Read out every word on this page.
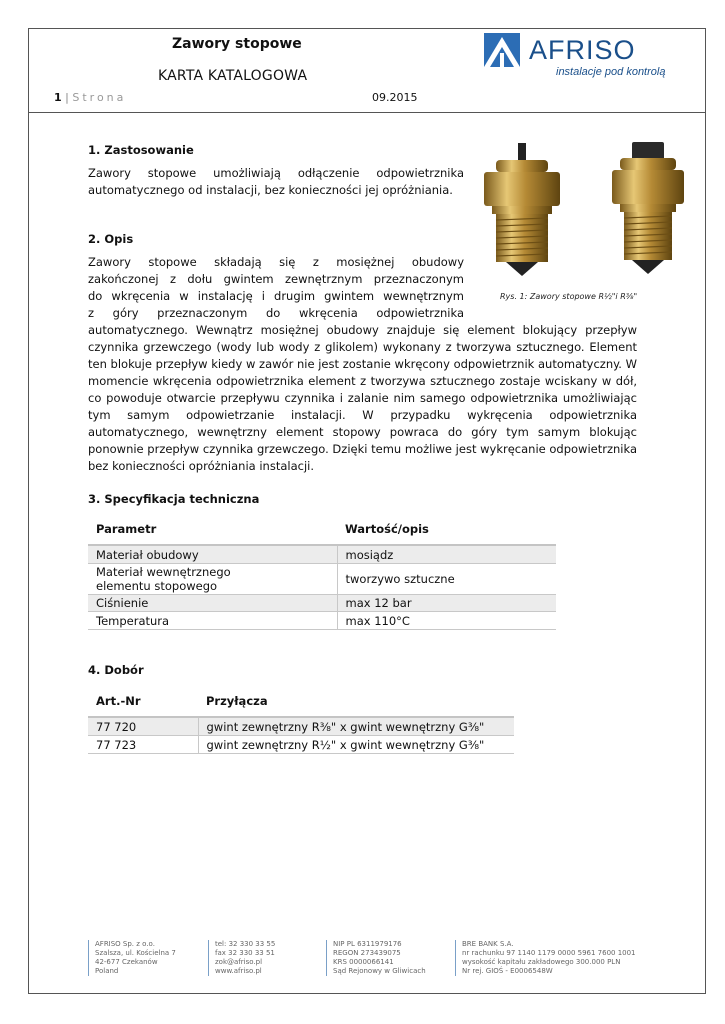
Zawory stopowe
KARTA KATALOGOWA
1 | Strona	09.2015
AFRISO
instalacje pod kontrolą
1. Zastosowanie
Zawory stopowe umożliwiają odłączenie odpowietrznika automatycznego od instalacji, bez konieczności jej opróżniania.
Rys. 1: Zawory stopowe R½"i R⅜"
2. Opis
Zawory stopowe składają się z mosiężnej obudowy
zakończonej z dołu gwintem zewnętrznym przeznaczonym
do wkręcenia w instalację i drugim gwintem wewnętrznym
z góry przeznaczonym do wkręcenia odpowietrznika
automatycznego. Wewnątrz mosiężnej obudowy znajduje się element blokujący przepływ czynnika grzewczego (wody lub wody z glikolem) wykonany z tworzywa sztucznego. Element ten blokuje przepływ kiedy w zawór nie jest zostanie wkręcony odpowietrznik automatyczny. W momencie wkręcenia odpowietrznika element z tworzywa sztucznego zostaje wciskany w dół, co powoduje otwarcie przepływu czynnika i zalanie nim samego odpowietrznika umożliwiając tym samym odpowietrzanie instalacji. W przypadku wykręcenia odpowietrznika automatycznego, wewnętrzny element stopowy powraca do góry tym samym blokując ponownie przepływ czynnika grzewczego. Dzięki temu możliwe jest wykręcanie odpowietrznika bez konieczności opróżniania instalacji.
3. Specyfikacja techniczna
Parametr	Wartość/opis
Materiał obudowy	mosiądz
Materiał wewnętrznego elementu stopowego	tworzywo sztuczne
Ciśnienie	max 12 bar
Temperatura	max 110°C
4. Dobór
Art.-Nr	Przyłącza
77 720	gwint zewnętrzny R⅜" x gwint wewnętrzny G⅜"
77 723	gwint zewnętrzny R½" x gwint wewnętrzny G⅜"
AFRISO Sp. z o.o.
Szalsza, ul. Kościelna 7
42-677 Czekanów
Poland
tel: 32 330 33 55
fax 32 330 33 51
zok@afriso.pl
www.afriso.pl
NIP PL 6311979176
REGON 273439075
KRS 0000066141
Sąd Rejonowy w Gliwicach
BRE BANK S.A.
nr rachunku 97 1140 1179 0000 5961 7600 1001
wysokość kapitału zakładowego 300.000 PLN
Nr rej. GIOŚ - E0006548W
